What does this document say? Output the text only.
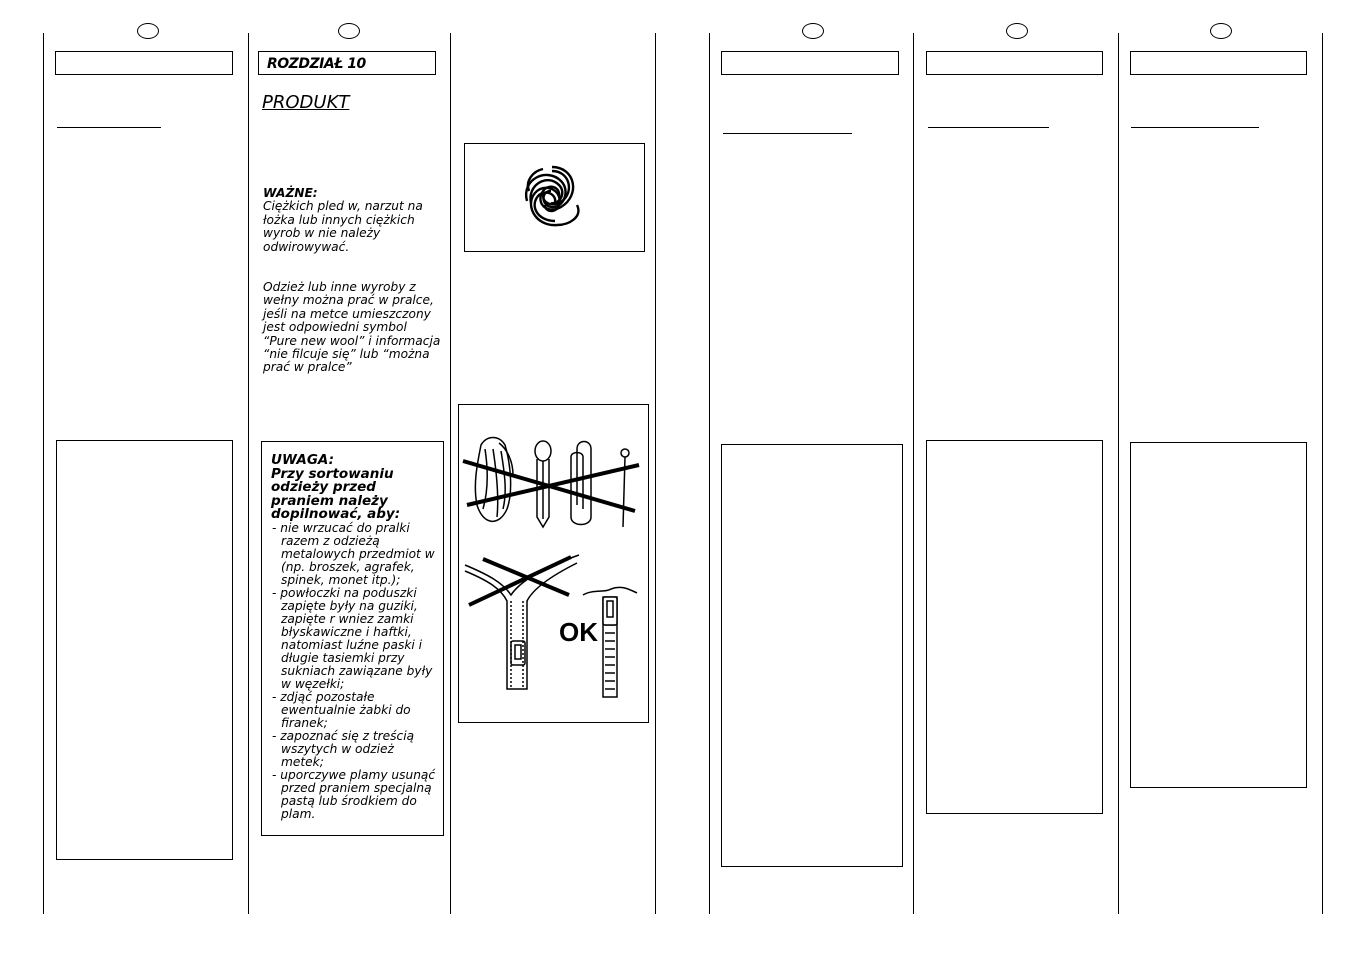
ROZDZIAŁ 10
PRODUKT
WAŻNE:
Ciężkich pled w, narzut na łożka lub innych ciężkich wyrob w nie należy odwirowywać.
Odzież lub inne wyroby z wełny można prać w pralce, jeśli na metce umieszczony jest odpowiedni symbol “Pure new wool” i informacja “nie filcuje się” lub “można prać w pralce”
UWAGA:
Przy sortowaniu odzieży przed praniem należy dopilnować, aby:
- nie wrzucać do pralki razem z odzieżą metalowych przedmiot w (np. broszek, agrafek, spinek, monet itp.);
- powłoczki na poduszki zapięte były na guziki, zapięte r wniez zamki błyskawiczne i haftki, natomiast luźne paski i długie tasiemki przy sukniach zawiązane były w węzełki;
- zdjąć pozostałe ewentualnie żabki do firanek;
- zapoznać się z treścią wszytych w odzież metek;
- uporczywe plamy usunąć przed praniem specjalną pastą lub środkiem do plam.
OK
